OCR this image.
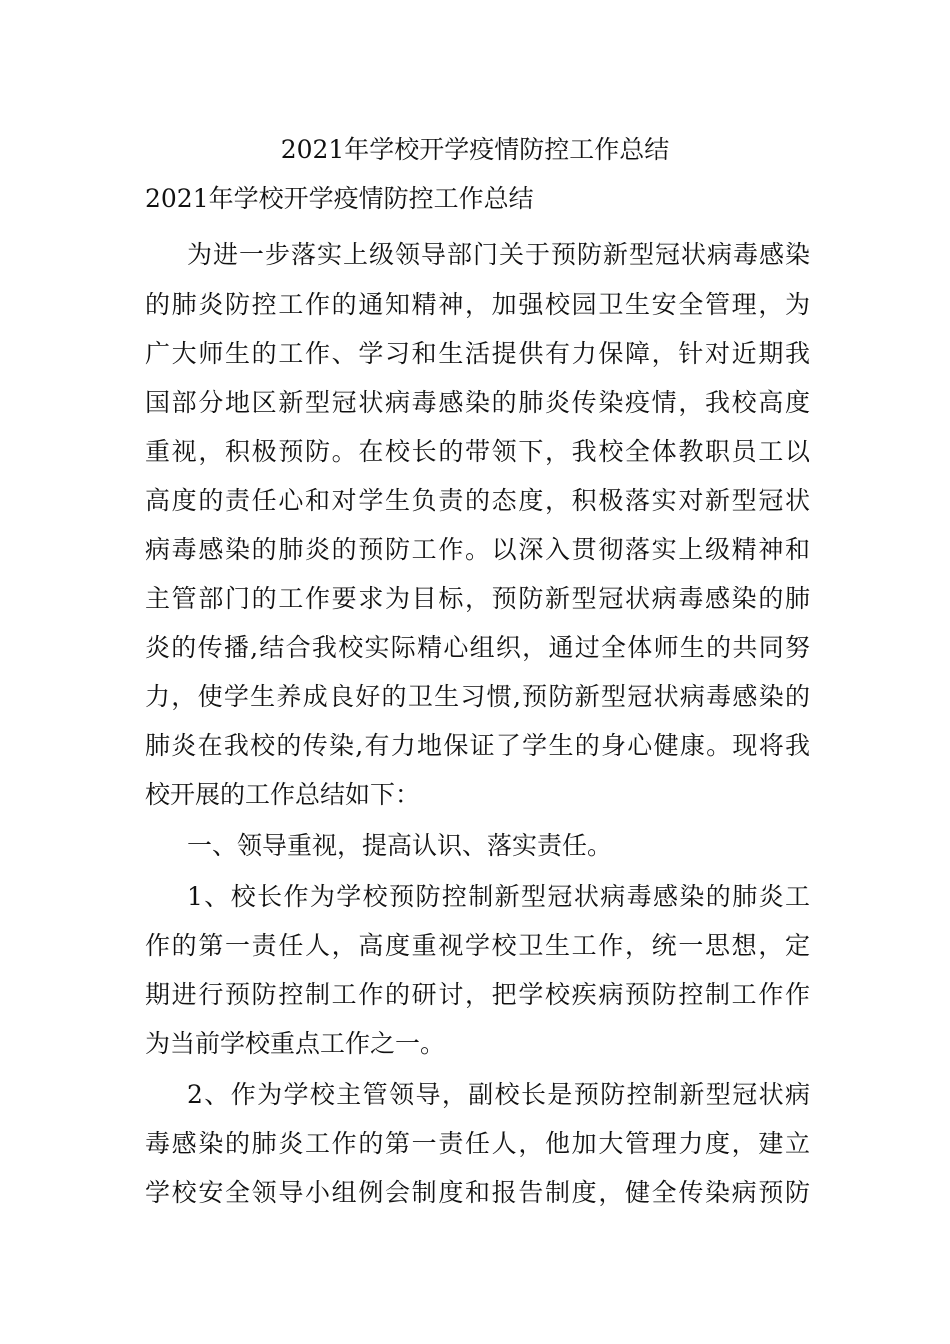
2021年学校开学疫情防控工作总结
2021年学校开学疫情防控工作总结
为进一步落实上级领导部门关于预防新型冠状病毒感染
的肺炎防控工作的通知精神，加强校园卫生安全管理，为
广大师生的工作、学习和生活提供有力保障，针对近期我
国部分地区新型冠状病毒感染的肺炎传染疫情，我校高度
重视，积极预防。在校长的带领下，我校全体教职员工以
高度的责任心和对学生负责的态度，积极落实对新型冠状
病毒感染的肺炎的预防工作。以深入贯彻落实上级精神和
主管部门的工作要求为目标，预防新型冠状病毒感染的肺
炎的传播,结合我校实际精心组织，通过全体师生的共同努
力，使学生养成良好的卫生习惯,预防新型冠状病毒感染的
肺炎在我校的传染,有力地保证了学生的身心健康。现将我
校开展的工作总结如下：
一、领导重视，提高认识、落实责任。
1、校长作为学校预防控制新型冠状病毒感染的肺炎工
作的第一责任人，高度重视学校卫生工作，统一思想，定
期进行预防控制工作的研讨，把学校疾病预防控制工作作
为当前学校重点工作之一。
2、作为学校主管领导，副校长是预防控制新型冠状病
毒感染的肺炎工作的第一责任人，他加大管理力度，建立
学校安全领导小组例会制度和报告制度，健全传染病预防
